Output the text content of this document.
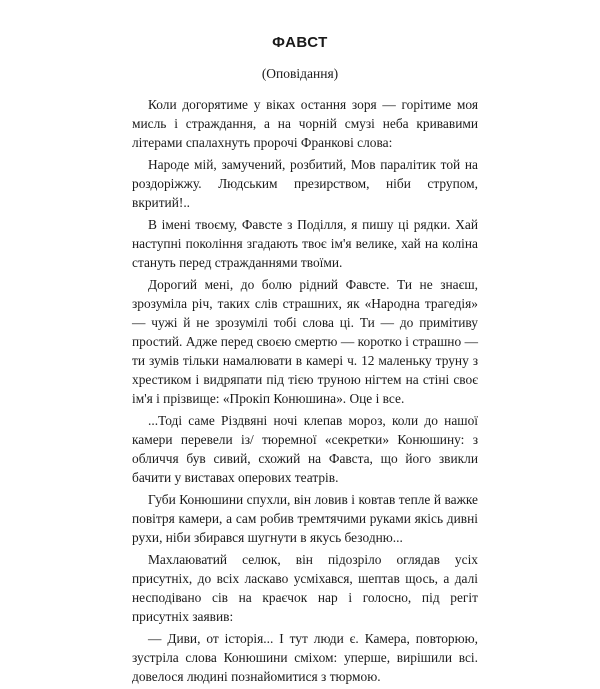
ФАВСТ
(Оповідання)

Коли догорятиме у віках остання зоря — горітиме моя мисль і страждання, а на чорній смузі неба кривавими літерами спалахнуть пророчі Франкові слова:

Народе мій, замучений, розбитий, Мов паралітик той на роздоріжжу. Людським презирством, ніби струпом, вкритий!..

В імені твоєму, Фавсте з Поділля, я пишу ці рядки. Хай наступні покоління згадають твоє ім'я велике, хай на коліна стануть перед стражданнями твоїми.

Дорогий мені, до болю рідний Фавсте. Ти не знаєш, зрозуміла річ, таких слів страшних, як «Народна трагедія» — чужі й не зрозумілі тобі слова ці. Ти — до примітиву простий. Адже перед своєю смертю — коротко і страшно — ти зумів тільки намалювати в камері ч. 12 маленьку труну з хрестиком і видряпати під тією труною нігтем на стіні своє ім'я і прізвище: «Прокіп Конюшина». Оце і все.

...Тоді саме Різдвяні ночі клепав мороз, коли до нашої камери перевели із/ тюремної «секретки» Конюшину: з обличчя був сивий, схожий на Фавста, що його звикли бачити у виставах оперових театрів.

Губи Конюшини спухли, він ловив і ковтав тепле й важке повітря камери, а сам робив тремтячими руками якісь дивні рухи, ніби збирався шугнути в якусь безодню...

Махлаюватий селюк, він підозріло оглядав усіх присутніх, до всіх ласкаво усміхався, шептав щось, а далі несподівано сів на краєчок нар і голосно, під регіт присутніх заявив:

— Диви, от історія... І тут люди є. Камера, повторюю, зустріла слова Конюшини сміхом: уперше, вирішили всі. довелося людині познайомитися з тюрмою.
